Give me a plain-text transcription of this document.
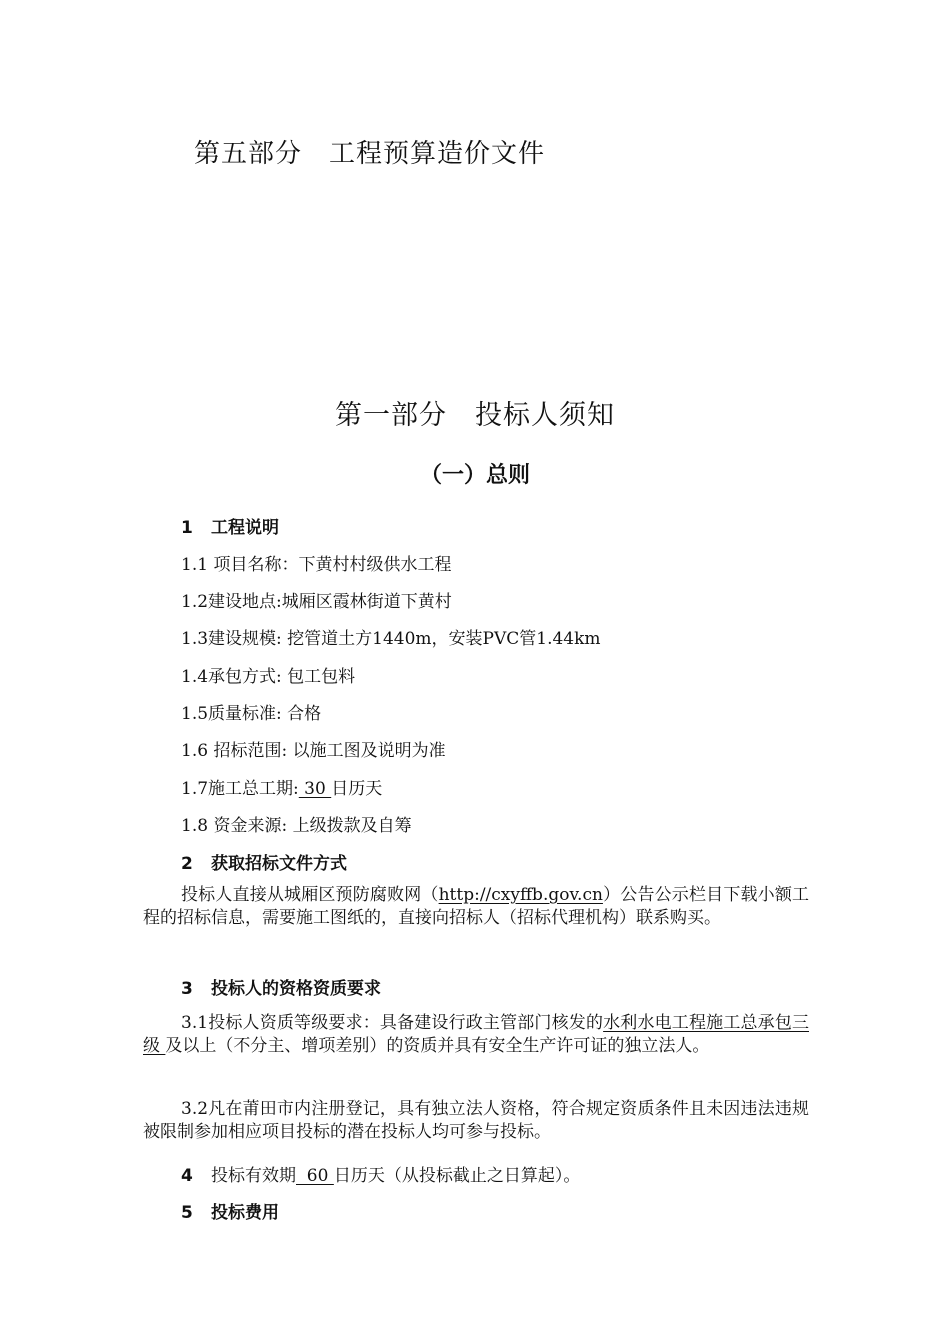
第五部分　工程预算造价文件
第一部分　投标人须知
（一）总则
1 工程说明
1.1 项目名称：下黄村村级供水工程
1.2建设地点:城厢区霞林街道下黄村
1.3建设规模: 挖管道土方1440m，安装PVC管1.44km
1.4承包方式: 包工包料
1.5质量标准: 合格
1.6 招标范围: 以施工图及说明为准
1.7施工总工期: 30 日历天
1.8 资金来源: 上级拨款及自筹
2 获取招标文件方式
投标人直接从城厢区预防腐败网（http://cxyffb.gov.cn）公告公示栏目下载小额工程的招标信息，需要施工图纸的，直接向招标人（招标代理机构）联系购买。
3 投标人的资格资质要求
3.1投标人资质等级要求：具备建设行政主管部门核发的水利水电工程施工总承包三级 及以上（不分主、增项差别）的资质并具有安全生产许可证的独立法人。
3.2凡在莆田市内注册登记，具有独立法人资格，符合规定资质条件且未因违法违规被限制参加相应项目投标的潜在投标人均可参与投标。
4 投标有效期  60 日历天（从投标截止之日算起）。
5 投标费用
